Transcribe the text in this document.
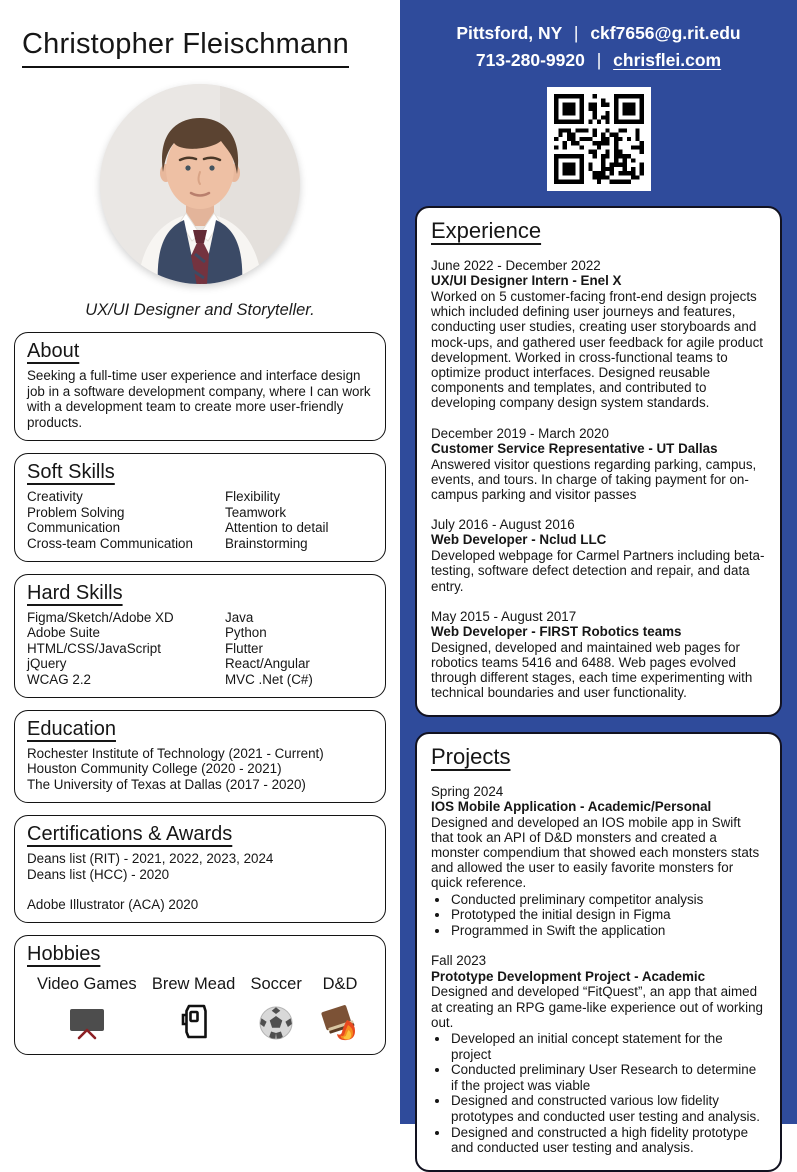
Christopher Fleischmann
UX/UI Designer and Storyteller.
About

Seeking a full-time user experience and interface design job in a software development company, where I can work with a development team to create more user-friendly products.

Soft Skills
Creativity
Problem Solving
Communication
Cross-team Communication
Flexibility
Teamwork
Attention to detail
Brainstorming
Hard Skills
Figma/Sketch/Adobe XD
Adobe Suite
HTML/CSS/JavaScript
jQuery
WCAG 2.2
Java
Python
Flutter
React/Angular
MVC .Net (C#)
Education
Rochester Institute of Technology (2021 - Current)
Houston Community College (2020 - 2021)
The University of Texas at Dallas (2017 - 2020)
Certifications & Awards
Deans list (RIT) - 2021, 2022, 2023, 2024
Deans list (HCC) - 2020
Adobe Illustrator (ACA) 2020
Hobbies
Video Games Brew Mead Soccer D&D
Pittsford, NY | ckf7656@g.rit.edu
713-280-9920 | chrisflei.com
Experience
June 2022 - December 2022
UX/UI Designer Intern - Enel X
Worked on 5 customer-facing front-end design projects which included defining user journeys and features, conducting user studies, creating user storyboards and mock-ups, and gathered user feedback for agile product development. Worked in cross-functional teams to optimize product interfaces. Designed reusable components and templates, and contributed to developing company design system standards.
December 2019 - March 2020
Customer Service Representative - UT Dallas
Answered visitor questions regarding parking, campus, events, and tours. In charge of taking payment for on-campus parking and visitor passes
July 2016 - August 2016
Web Developer - Nclud LLC
Developed webpage for Carmel Partners including beta-testing, software defect detection and repair, and data entry.
May 2015 - August 2017
Web Developer - FIRST Robotics teams
Designed, developed and maintained web pages for robotics teams 5416 and 6488. Web pages evolved through different stages, each time experimenting with technical boundaries and user functionality.
Projects
Spring 2024
IOS Mobile Application - Academic/Personal
Designed and developed an IOS mobile app in Swift that took an API of D&D monsters and created a monster compendium that showed each monsters stats and allowed the user to easily favorite monsters for quick reference.
• Conducted preliminary competitor analysis
• Prototyped the initial design in Figma
• Programmed in Swift the application
Fall 2023
Prototype Development Project - Academic
Designed and developed “FitQuest”, an app that aimed at creating an RPG game-like experience out of working out.
• Developed an initial concept statement for the project
• Conducted preliminary User Research to determine if the project was viable
• Designed and constructed various low fidelity prototypes and conducted user testing and analysis.
• Designed and constructed a high fidelity prototype and conducted user testing and analysis.
